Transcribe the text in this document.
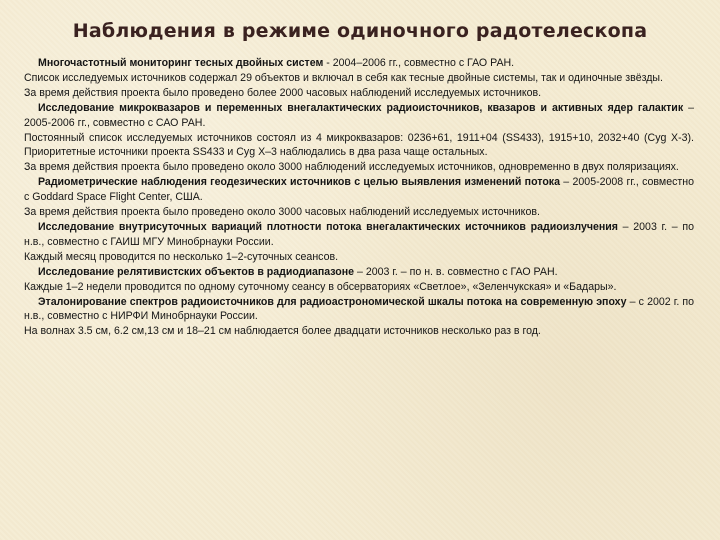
Наблюдения в режиме одиночного радотелескопа

Многочастотный мониторинг тесных двойных систем - 2004–2006 гг., совместно с ГАО РАН.

Список исследуемых источников содержал 29 объектов и включал в себя как тесные двойные системы, так и одиночные звёзды.

За время действия проекта было проведено более 2000 часовых наблюдений исследуемых источников.

Исследование микроквазаров и переменных внегалактических радиоисточников, квазаров и активных ядер галактик – 2005-2006 гг., совместно с САО РАН.

Постоянный список исследуемых источников состоял из 4 микроквазаров: 0236+61, 1911+04 (SS433), 1915+10, 2032+40 (Cyg X-3). Приоритетные источники проекта SS433 и Cyg X–3 наблюдались в два раза чаще остальных.

За время действия проекта было проведено около 3000 наблюдений исследуемых источников, одновременно в двух поляризациях.

Радиометрические наблюдения геодезических источников с целью выявления изменений потока – 2005-2008 гг., совместно с Goddard Space Flight Center, США.

За время действия проекта было проведено около 3000 часовых наблюдений исследуемых источников.

Исследование внутрисуточных вариаций плотности потока внегалактических источников радиоизлучения – 2003 г. – по н.в., совместно с ГАИШ МГУ Минобрнауки России.

Каждый месяц проводится по несколько 1–2-суточных сеансов.

Исследование релятивистских объектов в радиодиапазоне – 2003 г. – по н. в. совместно с ГАО РАН.

Каждые 1–2 недели проводится по одному суточному сеансу в обсерваториях «Светлое», «Зеленчукская» и «Бадары».

Эталонирование спектров радиоисточников для радиоастрономической шкалы потока на современную эпоху – с 2002 г. по н.в., совместно с НИРФИ Минобрнауки России.

На волнах 3.5 см, 6.2 см,13 см и 18–21 см наблюдается более двадцати источников несколько раз в год.
